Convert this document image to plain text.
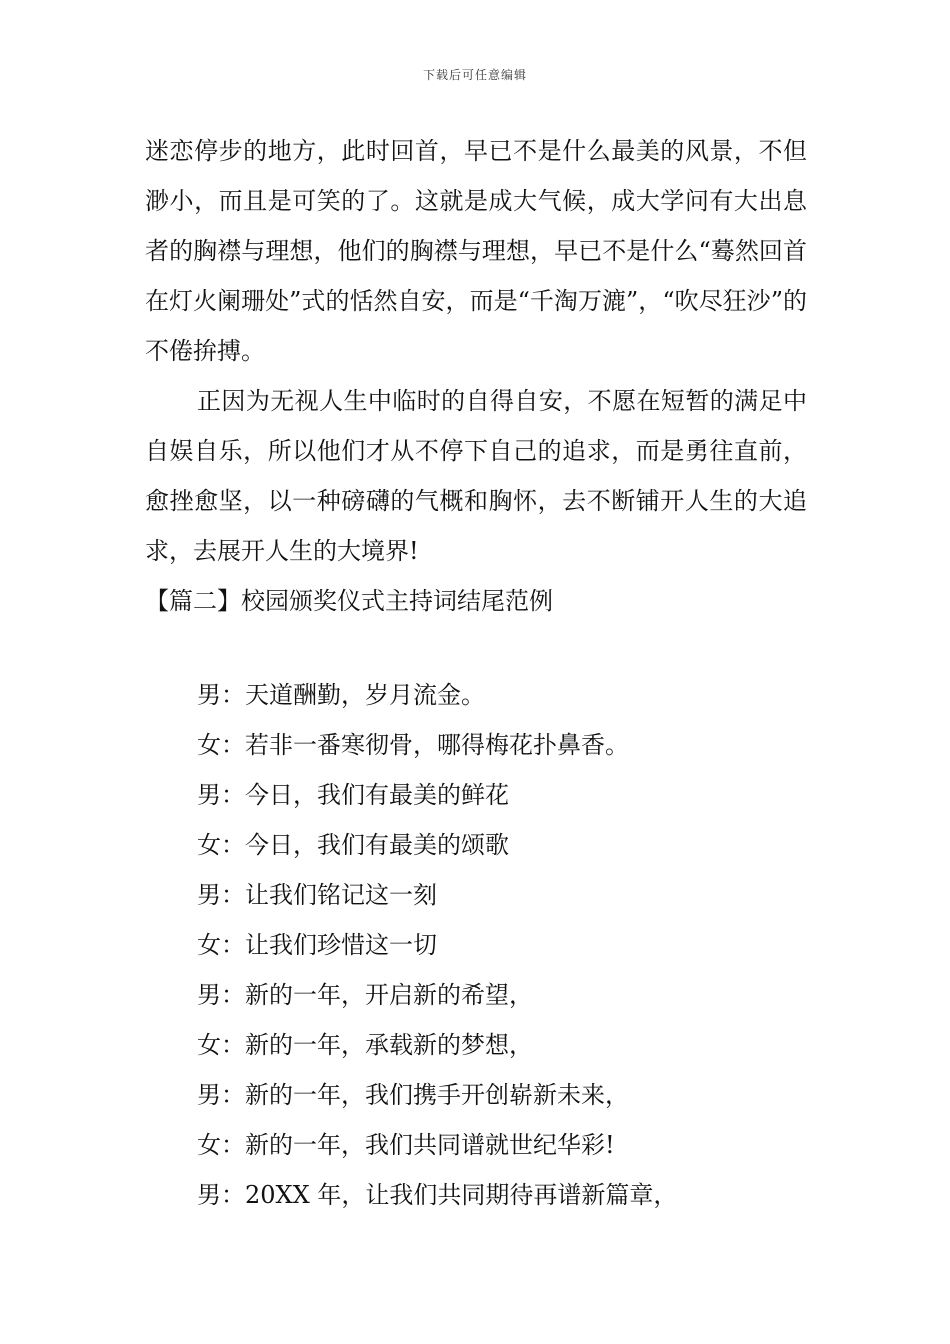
下载后可任意编辑

迷恋停步的地方，此时回首，早已不是什么最美的风景，不但渺小，而且是可笑的了。这就是成大气候，成大学问有大出息者的胸襟与理想，他们的胸襟与理想，早已不是什么“蓦然回首在灯火阑珊处”式的恬然自安，而是“千淘万漉”，“吹尽狂沙”的不倦拚搏。

正因为无视人生中临时的自得自安，不愿在短暂的满足中自娱自乐，所以他们才从不停下自己的追求，而是勇往直前，愈挫愈坚，以一种磅礴的气概和胸怀，去不断铺开人生的大追求，去展开人生的大境界!

【篇二】校园颁奖仪式主持词结尾范例

男：天道酬勤，岁月流金。

女：若非一番寒彻骨，哪得梅花扑鼻香。

男：今日，我们有最美的鲜花

女：今日，我们有最美的颂歌

男：让我们铭记这一刻

女：让我们珍惜这一切

男：新的一年，开启新的希望，

女：新的一年，承载新的梦想，

男：新的一年，我们携手开创崭新未来，

女：新的一年，我们共同谱就世纪华彩!

男：20XX 年，让我们共同期待再谱新篇章，
